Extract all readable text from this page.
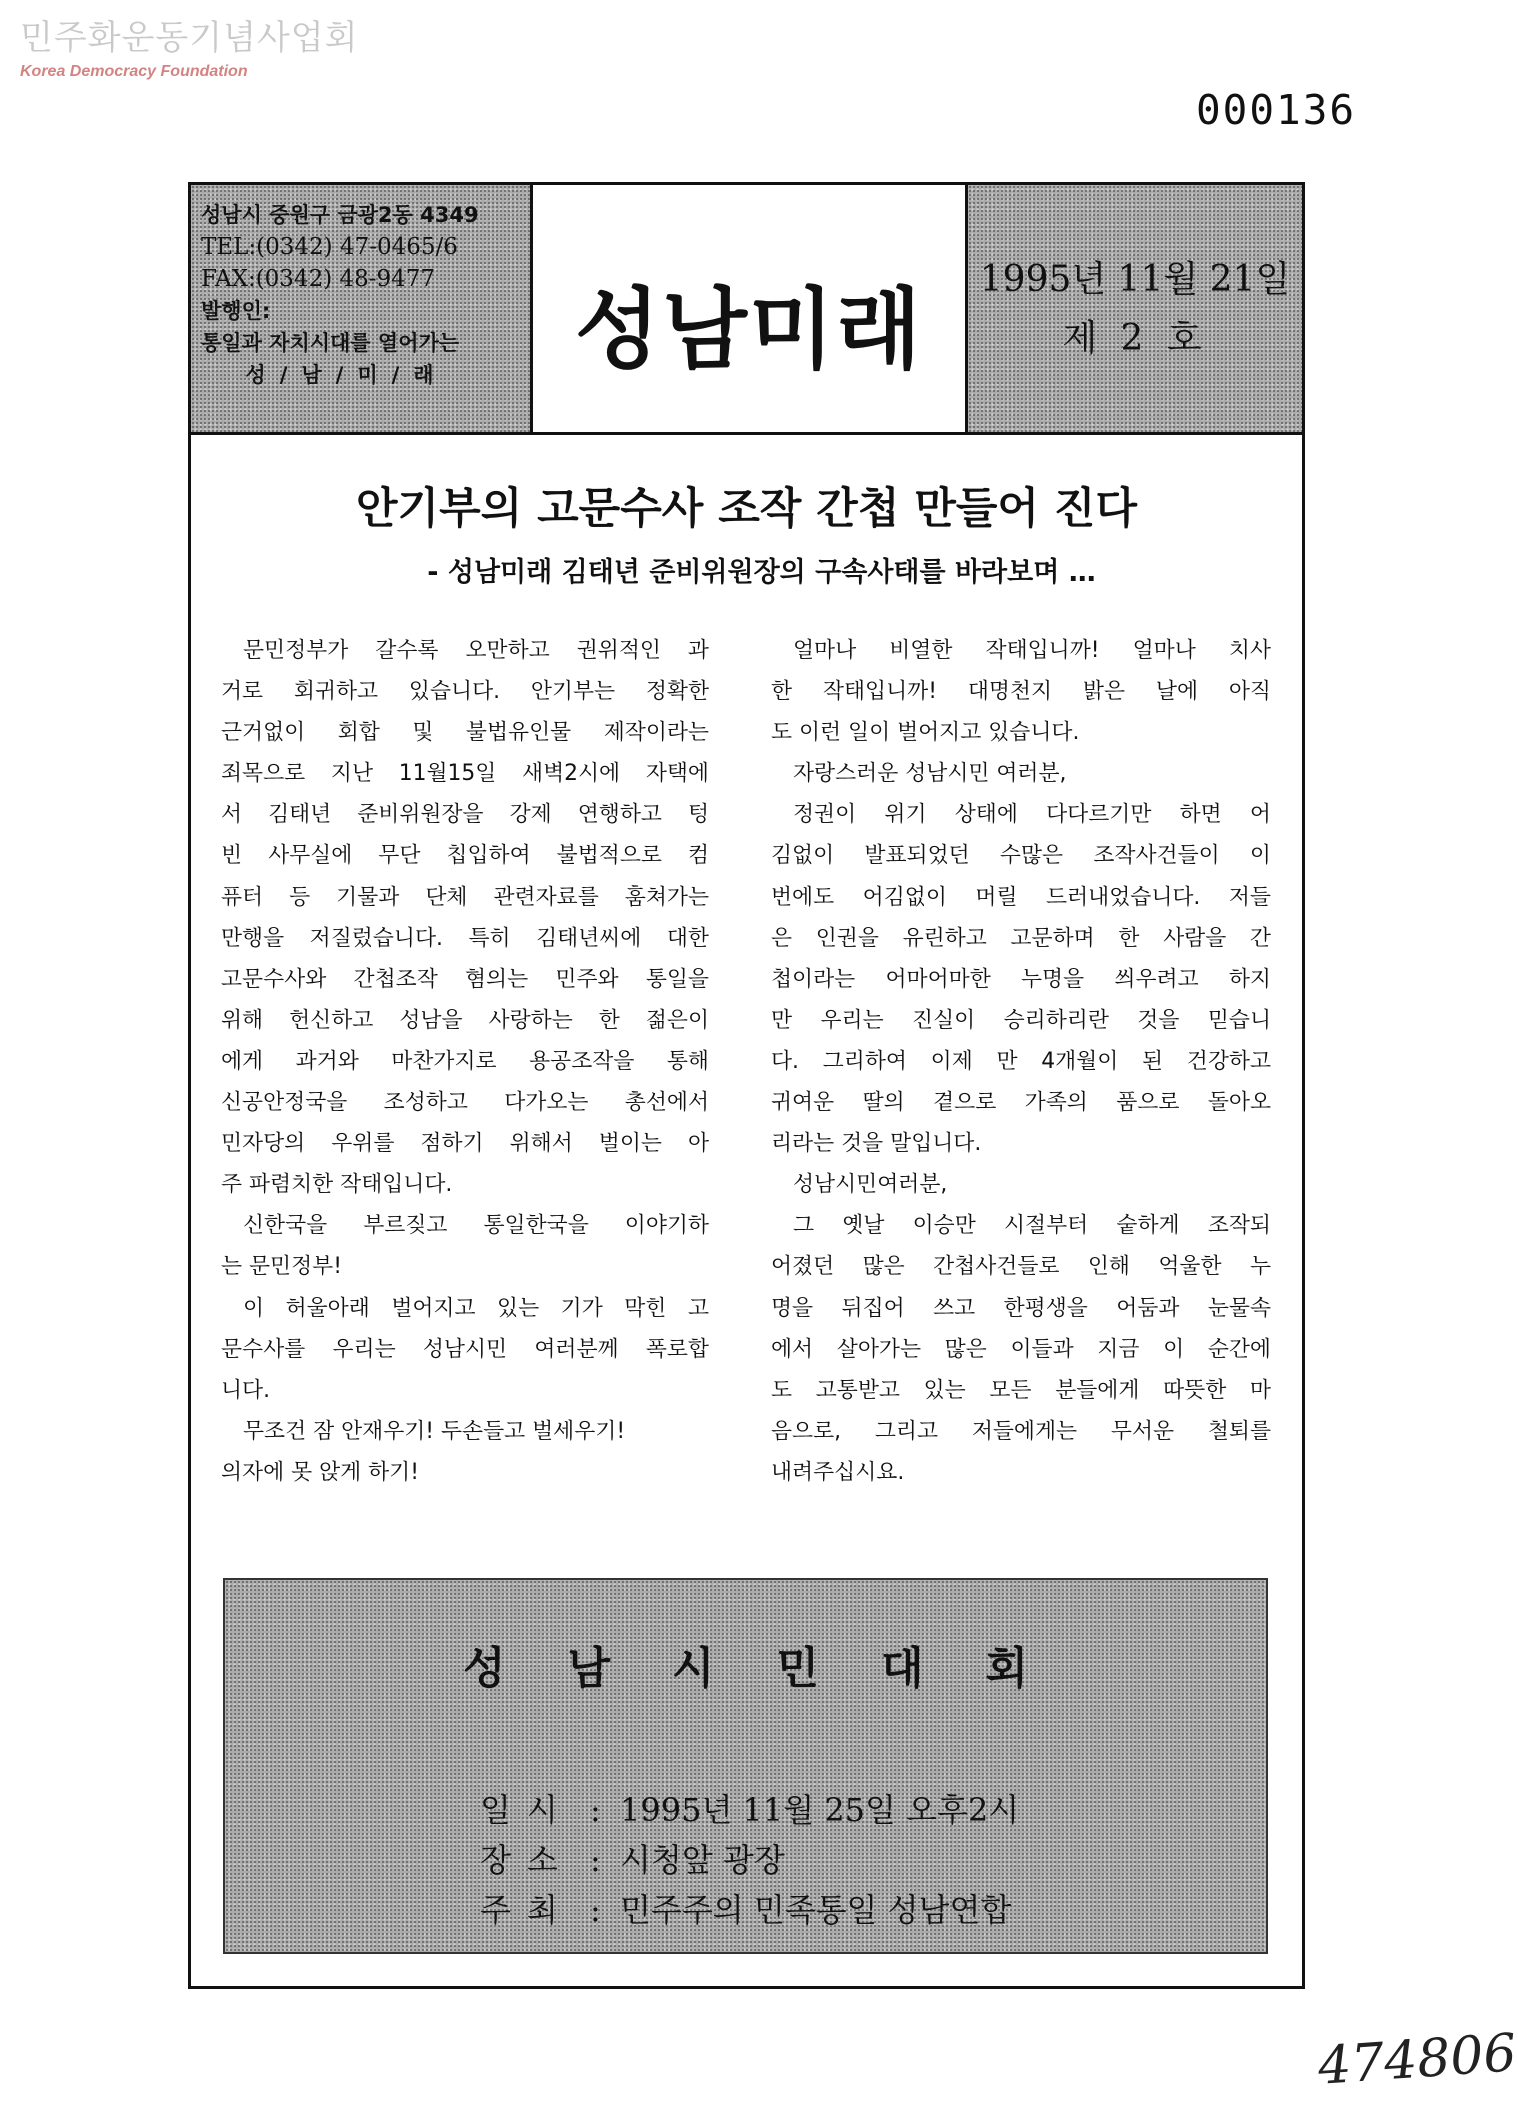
민주화운동기념사업회
Korea Democracy Foundation
000136
성남시 중원구 금광2동 4349
TEL:(0342) 47-0465/6
FAX:(0342) 48-9477
발행인:
통일과 자치시대를 열어가는
성/남/미/래	성남미래	1995년 11월 21일
제 2 호
안기부의 고문수사 조작 간첩 만들어 진다
- 성남미래 김태년 준비위원장의 구속사태를 바라보며 …
문민정부가 갈수록 오만하고 권위적인 과
거로 회귀하고 있습니다. 안기부는 정확한
근거없이 회합 및 불법유인물 제작이라는
죄목으로 지난 11월15일 새벽2시에 자택에
서 김태년 준비위원장을 강제 연행하고 텅
빈 사무실에 무단 칩입하여 불법적으로 컴
퓨터 등 기물과 단체 관련자료를 훔쳐가는
만행을 저질렀습니다. 특히 김태년씨에 대한
고문수사와 간첩조작 혐의는 민주와 통일을
위해 헌신하고 성남을 사랑하는 한 젊은이
에게 과거와 마찬가지로 용공조작을 통해
신공안정국을 조성하고 다가오는 총선에서
민자당의 우위를 점하기 위해서 벌이는 아
주 파렴치한 작태입니다.
신한국을 부르짖고 통일한국을 이야기하
는 문민정부!
이 허울아래 벌어지고 있는 기가 막힌 고
문수사를 우리는 성남시민 여러분께 폭로합
니다.
무조건 잠 안재우기! 두손들고 벌세우기!
의자에 못 앉게 하기!
얼마나 비열한 작태입니까! 얼마나 치사
한 작태입니까! 대명천지 밝은 날에 아직
도 이런 일이 벌어지고 있습니다.
자랑스러운 성남시민 여러분,
정권이 위기 상태에 다다르기만 하면 어
김없이 발표되었던 수많은 조작사건들이 이
번에도 어김없이 머릴 드러내었습니다. 저들
은 인권을 유린하고 고문하며 한 사람을 간
첩이라는 어마어마한 누명을 씌우려고 하지
만 우리는 진실이 승리하리란 것을 믿습니
다. 그리하여 이제 만 4개월이 된 건강하고
귀여운 딸의 곁으로 가족의 품으로 돌아오
리라는 것을 말입니다.
성남시민여러분,
그 옛날 이승만 시절부터 숱하게 조작되
어졌던 많은 간첩사건들로 인해 억울한 누
명을 뒤집어 쓰고 한평생을 어둠과 눈물속
에서 살아가는 많은 이들과 지금 이 순간에
도 고통받고 있는 모든 분들에게 따뜻한 마
음으로, 그리고 저들에게는 무서운 철퇴를
내려주십시요.
성남시민대회
일시 : 1995년 11월 25일 오후2시
장소 : 시청앞 광장
주최 : 민주주의 민족통일 성남연합
474806
